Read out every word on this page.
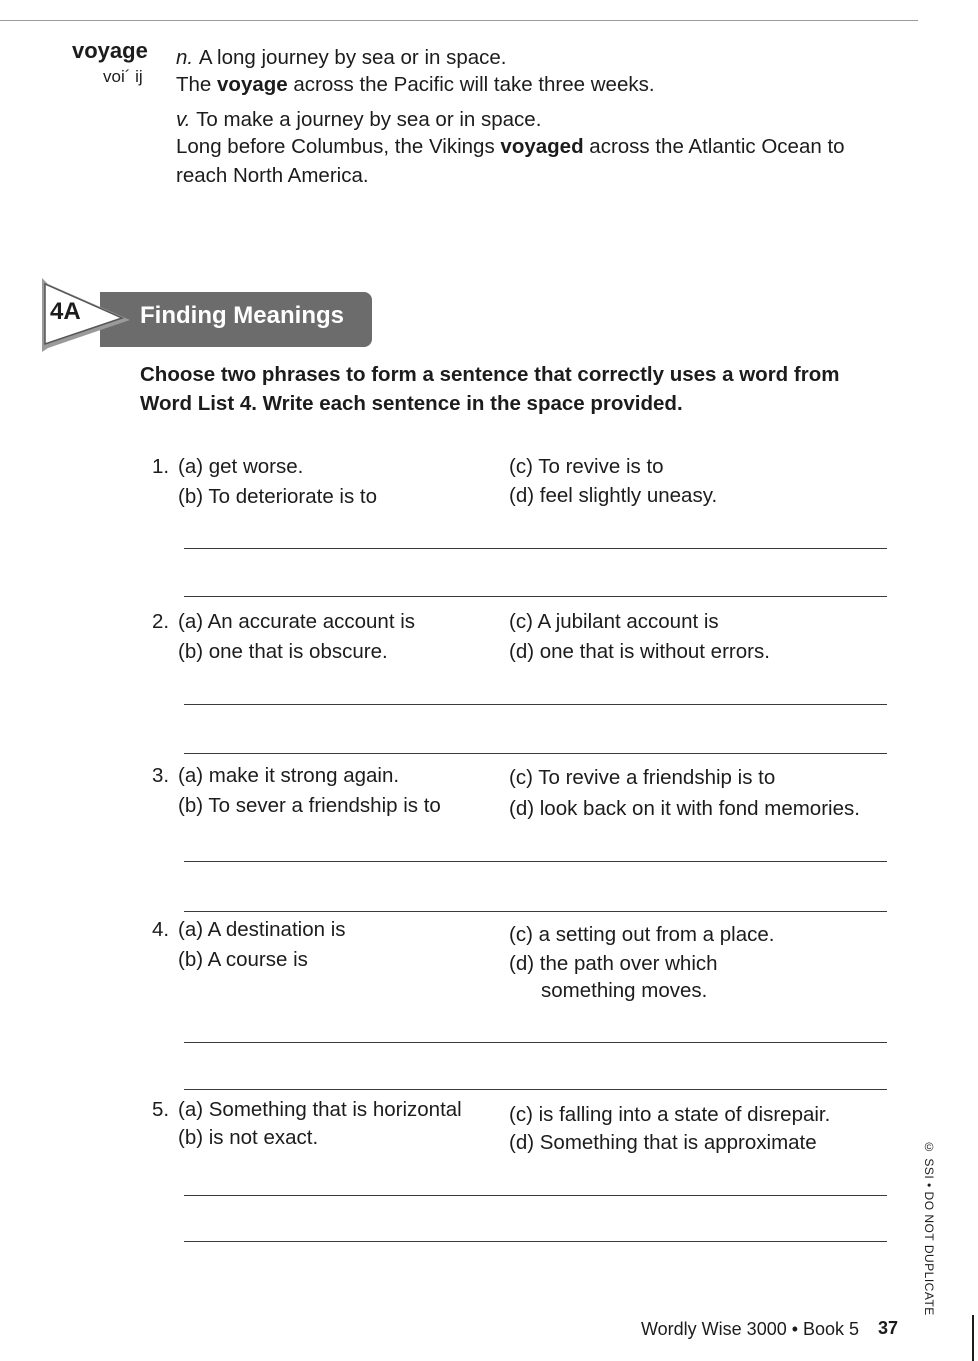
voyage
voi´ ij
n. A long journey by sea or in space.
The voyage across the Pacific will take three weeks.
v. To make a journey by sea or in space.
Long before Columbus, the Vikings voyaged across the Atlantic Ocean to
reach North America.
4A Finding Meanings
Choose two phrases to form a sentence that correctly uses a word from
Word List 4. Write each sentence in the space provided.
1. (a) get worse.
(b) To deteriorate is to
(c) To revive is to
(d) feel slightly uneasy.
2. (a) An accurate account is
(b) one that is obscure.
(c) A jubilant account is
(d) one that is without errors.
3. (a) make it strong again.
(b) To sever a friendship is to
(c) To revive a friendship is to
(d) look back on it with fond memories.
4. (a) A destination is
(b) A course is
(c) a setting out from a place.
(d) the path over which
something moves.
5. (a) Something that is horizontal
(b) is not exact.
(c) is falling into a state of disrepair.
(d) Something that is approximate	© SSI • DO NOT DUPLICATE
Wordly Wise 3000 • Book 5 37
